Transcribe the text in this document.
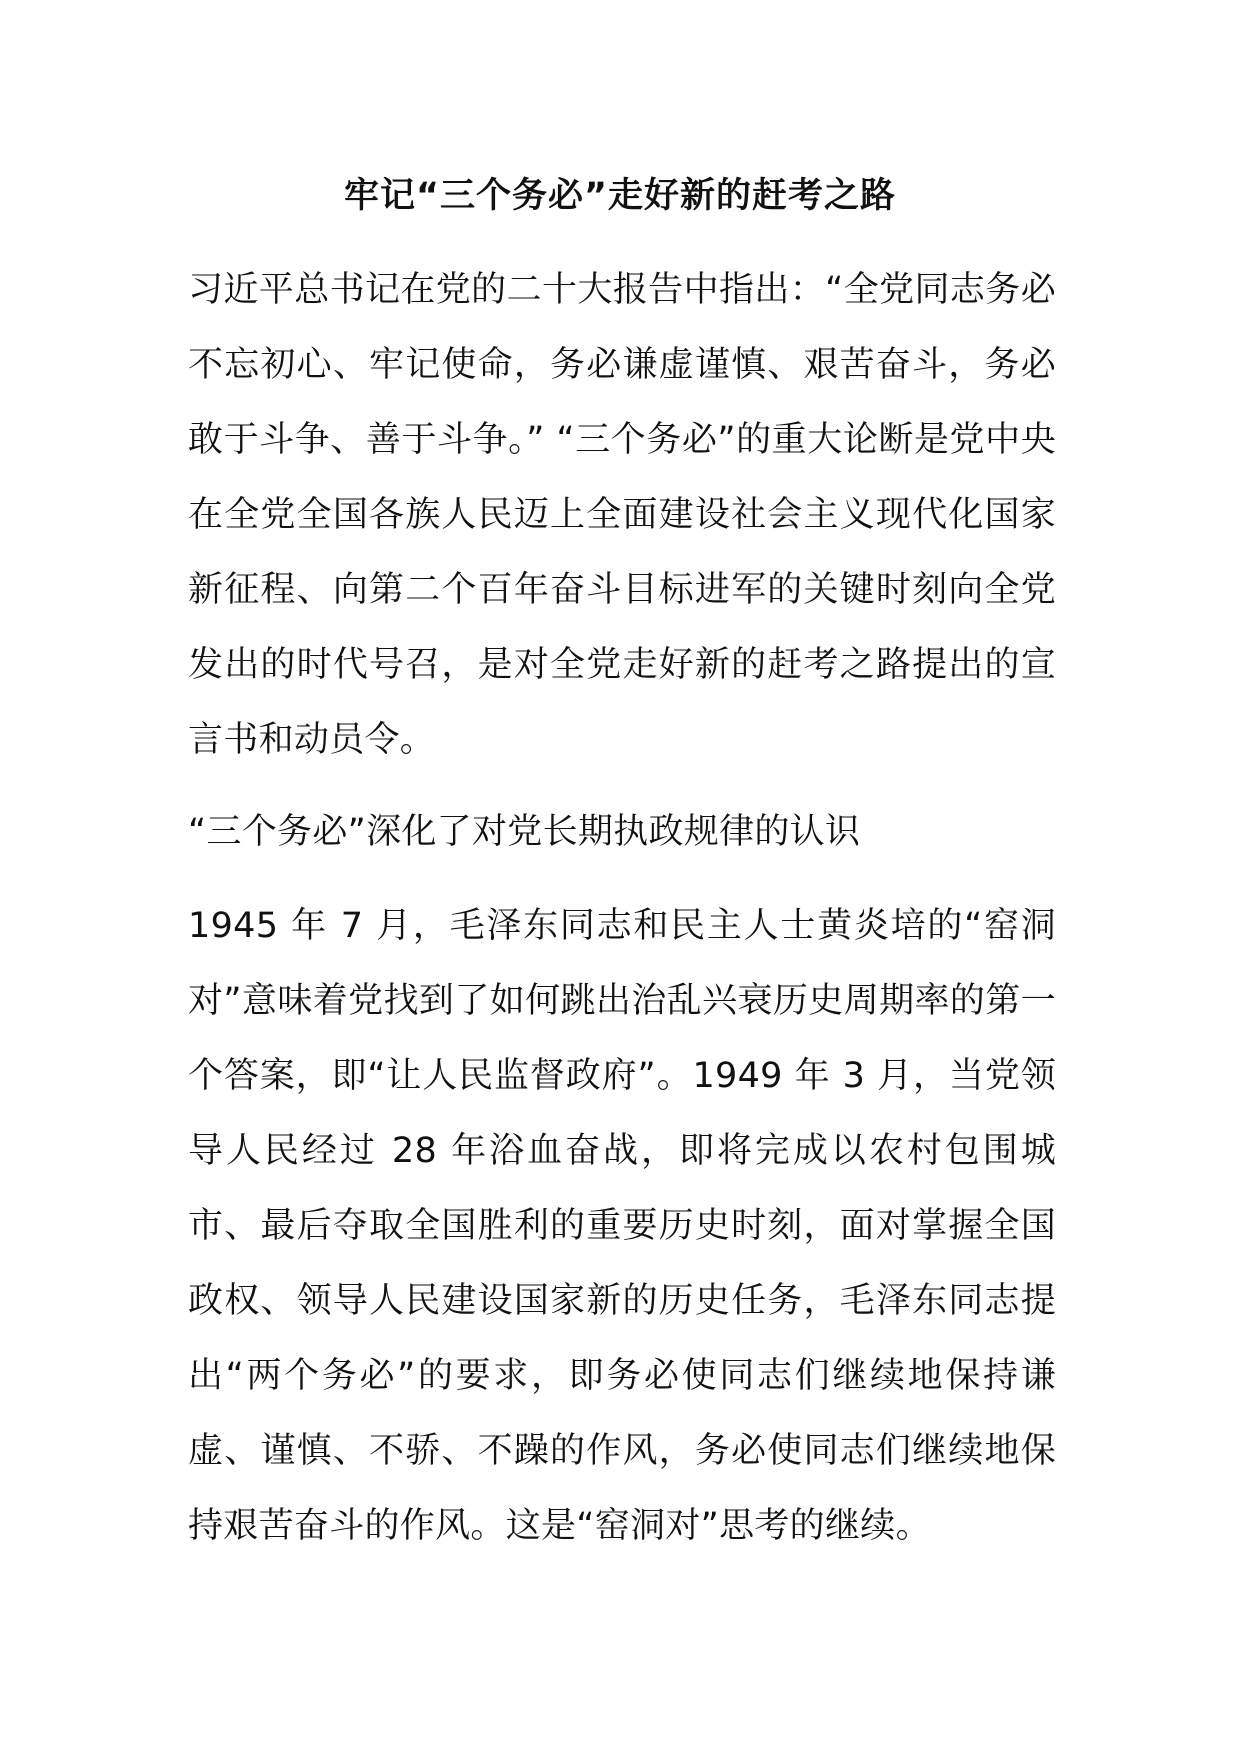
牢记“三个务必”走好新的赶考之路

习近平总书记在党的二十大报告中指出：“全党同志务必不忘初心、牢记使命，务必谦虚谨慎、艰苦奋斗，务必敢于斗争、善于斗争。” “三个务必”的重大论断是党中央在全党全国各族人民迈上全面建设社会主义现代化国家新征程、向第二个百年奋斗目标进军的关键时刻向全党发出的时代号召，是对全党走好新的赶考之路提出的宣言书和动员令。

“三个务必”深化了对党长期执政规律的认识

1945 年 7 月，毛泽东同志和民主人士黄炎培的“窑洞对”意味着党找到了如何跳出治乱兴衰历史周期率的第一个答案，即“让人民监督政府”。1949 年 3 月，当党领导人民经过 28 年浴血奋战，即将完成以农村包围城市、最后夺取全国胜利的重要历史时刻，面对掌握全国政权、领导人民建设国家新的历史任务，毛泽东同志提出“两个务必”的要求，即务必使同志们继续地保持谦虚、谨慎、不骄、不躁的作风，务必使同志们继续地保持艰苦奋斗的作风。这是“窑洞对”思考的继续。
